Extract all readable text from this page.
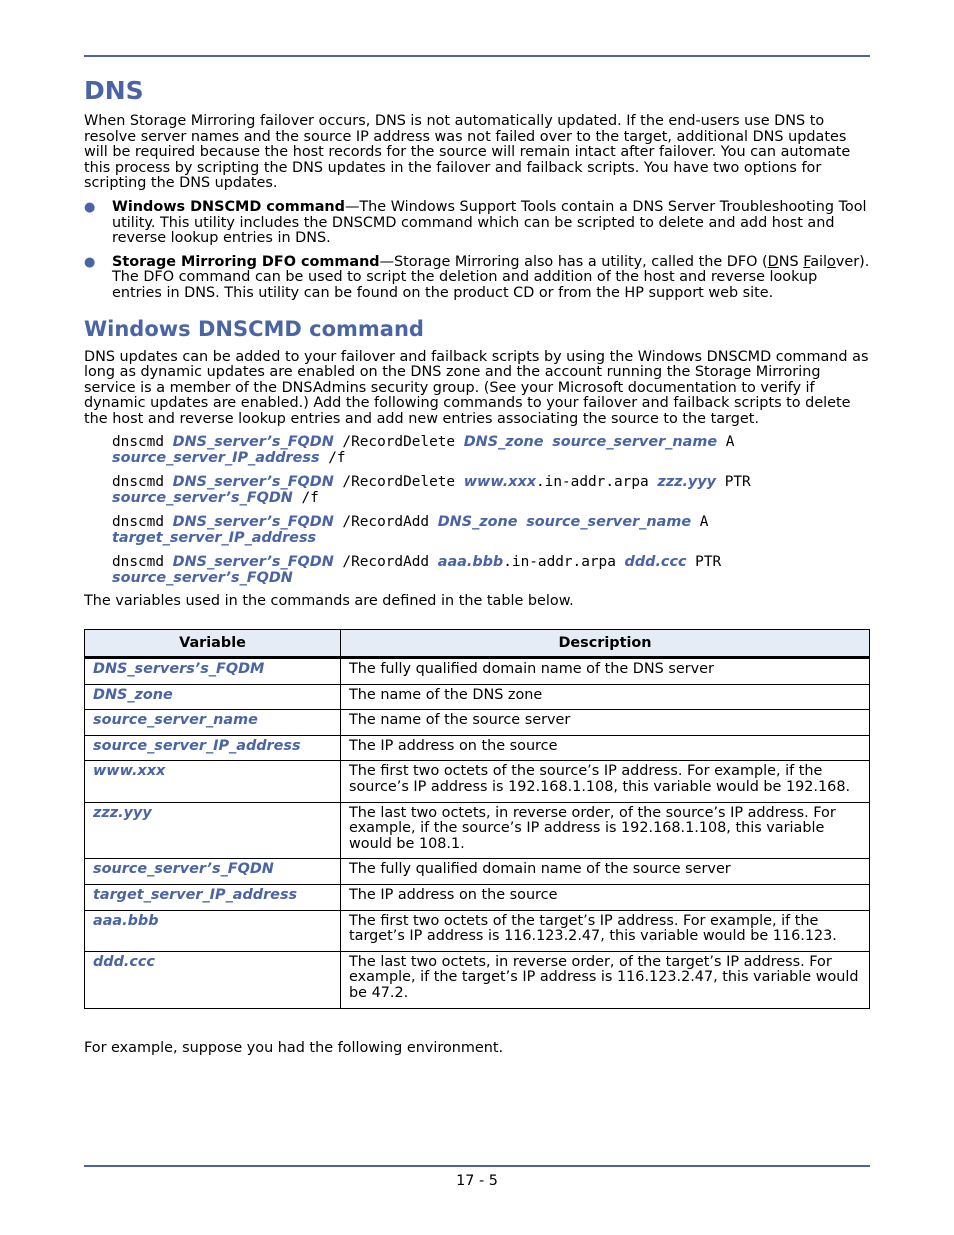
DNS

When Storage Mirroring failover occurs, DNS is not automatically updated. If the end-users use DNS to resolve server names and the source IP address was not failed over to the target, additional DNS updates will be required because the host records for the source will remain intact after failover. You can automate this process by scripting the DNS updates in the failover and failback scripts. You have two options for scripting the DNS updates.

● Windows DNSCMD command—The Windows Support Tools contain a DNS Server Troubleshooting Tool utility. This utility includes the DNSCMD command which can be scripted to delete and add host and reverse lookup entries in DNS.
● Storage Mirroring DFO command—Storage Mirroring also has a utility, called the DFO (DNS Failover). The DFO command can be used to script the deletion and addition of the host and reverse lookup entries in DNS. This utility can be found on the product CD or from the HP support web site.
Windows DNSCMD command

DNS updates can be added to your failover and failback scripts by using the Windows DNSCMD command as long as dynamic updates are enabled on the DNS zone and the account running the Storage Mirroring service is a member of the DNSAdmins security group. (See your Microsoft documentation to verify if dynamic updates are enabled.) Add the following commands to your failover and failback scripts to delete the host and reverse lookup entries and add new entries associating the source to the target.

dnscmd DNS_server’s_FQDN /RecordDelete DNS_zone source_server_name A source_server_IP_address /f
dnscmd DNS_server’s_FQDN /RecordDelete www.xxx.in-addr.arpa zzz.yyy PTR source_server’s_FQDN /f
dnscmd DNS_server’s_FQDN /RecordAdd DNS_zone source_server_name A target_server_IP_address
dnscmd DNS_server’s_FQDN /RecordAdd aaa.bbb.in-addr.arpa ddd.ccc PTR source_server’s_FQDN

The variables used in the commands are defined in the table below.

Variable	Description
DNS_servers’s_FQDM	The fully qualified domain name of the DNS server
DNS_zone	The name of the DNS zone
source_server_name	The name of the source server
source_server_IP_address	The IP address on the source
www.xxx	The first two octets of the source’s IP address. For example, if the source’s IP address is 192.168.1.108, this variable would be 192.168.
zzz.yyy	The last two octets, in reverse order, of the source’s IP address. For example, if the source’s IP address is 192.168.1.108, this variable would be 108.1.
source_server’s_FQDN	The fully qualified domain name of the source server
target_server_IP_address	The IP address on the source
aaa.bbb	The first two octets of the target’s IP address. For example, if the target’s IP address is 116.123.2.47, this variable would be 116.123.
ddd.ccc	The last two octets, in reverse order, of the target’s IP address. For example, if the target’s IP address is 116.123.2.47, this variable would be 47.2.

For example, suppose you had the following environment.

17 - 5
